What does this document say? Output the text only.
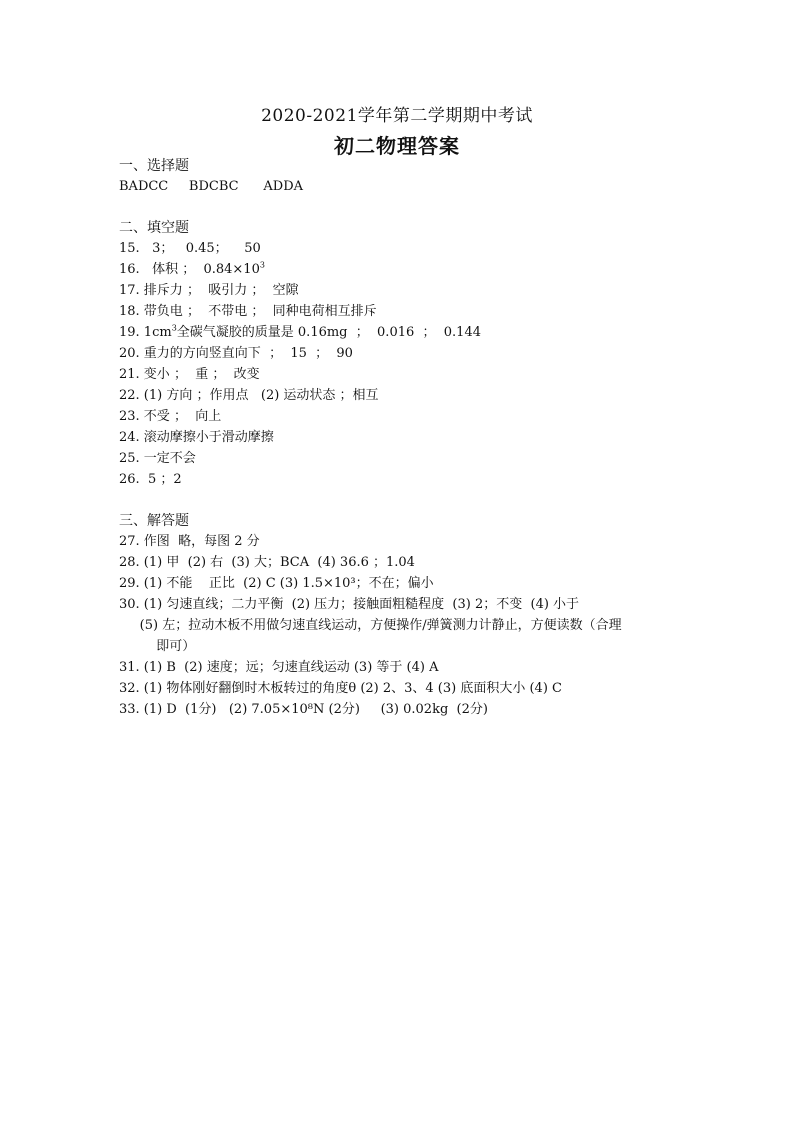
2020-2021学年第二学期期中考试
初二物理答案
一、选择题
BADCC     BDCBC      ADDA
二、填空题
15.   3；   0.45；    50
16.   体积 ；  $0.84\times 10^3$
17. 排斥力 ；  吸引力 ；  空隙
18. 带负电 ；  不带电 ；  同种电荷相互排斥
19. $1cm^3$全碳气凝胶的质量是 0.16mg  ；  0.016  ；  0.144
20. 重力的方向竖直向下  ；  15  ；  90
21. 变小 ；  重 ；  改变
22. (1) 方向 ；作用点   (2) 运动状态 ；相互
23. 不受 ；  向上
24. 滚动摩擦小于滑动摩擦
25. 一定不会
26.  5 ；2
三、解答题
27. 作图  略，每图 2 分
28. (1) 甲  (2) 右  (3) 大；BCA  (4) 36.6 ；1.04
29. (1) 不能    正比  (2) C (3) 1.5×10³；不在；偏小
30. (1) 匀速直线；二力平衡  (2) 压力；接触面粗糙程度  (3) 2；不变  (4) 小于
(5) 左；拉动木板不用做匀速直线运动，方便操作/弹簧测力计静止，方便读数（合理
即可）
31. (1) B  (2) 速度；远；匀速直线运动 (3) 等于 (4) A
32. (1) 物体刚好翻倒时木板转过的角度θ (2) 2、3、4 (3) 底面积大小 (4) C
33. (1) D  (1分)   (2) 7.05×10⁸N (2分)     (3) 0.02kg  (2分)
